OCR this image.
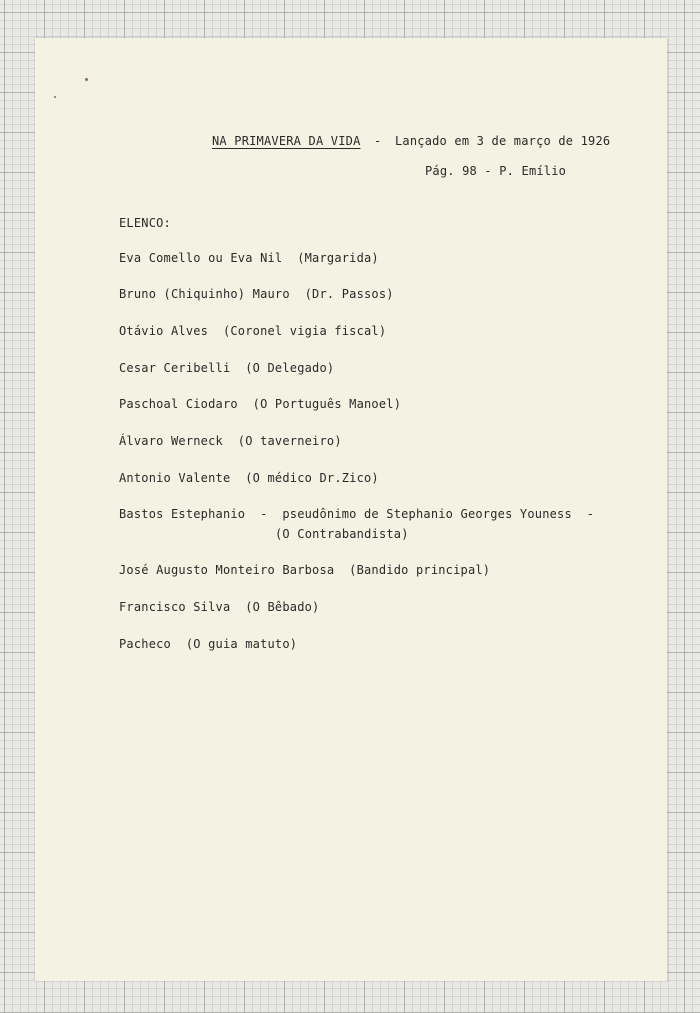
NA PRIMAVERA DA VIDA - Lançado em 3 de março de 1926
Pág. 98 - P. Emílio
ELENCO:
Eva Comello ou Eva Nil  (Margarida)
Bruno (Chiquinho) Mauro  (Dr. Passos)
Otávio Alves  (Coronel vigia fiscal)
Cesar Ceribelli  (O Delegado)
Paschoal Ciodaro  (O Português Manoel)
Álvaro Werneck  (O taverneiro)
Antonio Valente  (O médico Dr.Zico)
Bastos Estephanio  -  pseudônimo de Stephanio Georges Youness  -
(O Contrabandista)
José Augusto Monteiro Barbosa  (Bandido principal)
Francisco Silva  (O Bêbado)
Pacheco  (O guia matuto)
